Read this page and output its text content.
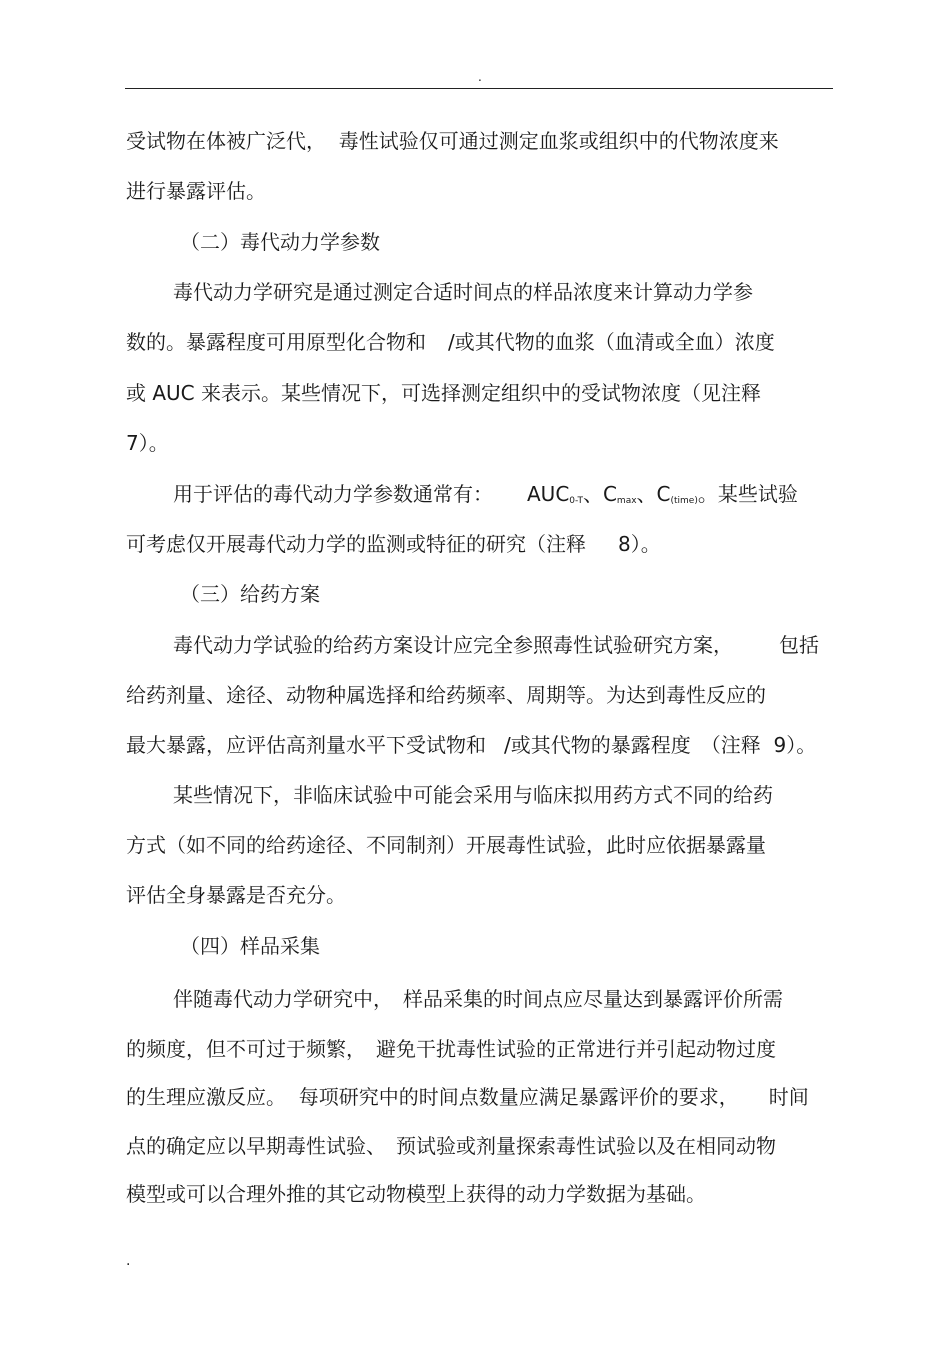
.
受试物在体被广泛代，  毒性试验仅可通过测定血浆或组织中的代物浓度来
进行暴露评估。
（二）毒代动力学参数
毒代动力学研究是通过测定合适时间点的样品浓度来计算动力学参
数的。暴露程度可用原型化合物和 /或其代物的血浆（血清或全血）浓度
或 AUC 来表示。某些情况下，可选择测定组织中的受试物浓度（见注释
7）。
用于评估的毒代动力学参数通常有： $AUC_{0-T}$、$C_{max}$、$C_{(time)}$。某些试验
可考虑仅开展毒代动力学的监测或特征的研究（注释 8）。
（三）给药方案
毒代动力学试验的给药方案设计应完全参照毒性试验研究方案， 包括
给药剂量、途径、动物种属选择和给药频率、周期等。为达到毒性反应的
最大暴露，应评估高剂量水平下受试物和 /或其代物的暴露程度 （注释  9）。
某些情况下，非临床试验中可能会采用与临床拟用药方式不同的给药
方式（如不同的给药途径、不同制剂）开展毒性试验，此时应依据暴露量
评估全身暴露是否充分。
（四）样品采集
伴随毒代动力学研究中， 样品采集的时间点应尽量达到暴露评价所需
的频度，但不可过于频繁， 避免干扰毒性试验的正常进行并引起动物过度
的生理应激反应。  每项研究中的时间点数量应满足暴露评价的要求， 时间
点的确定应以早期毒性试验、 预试验或剂量探索毒性试验以及在相同动物
模型或可以合理外推的其它动物模型上获得的动力学数据为基础。
.
